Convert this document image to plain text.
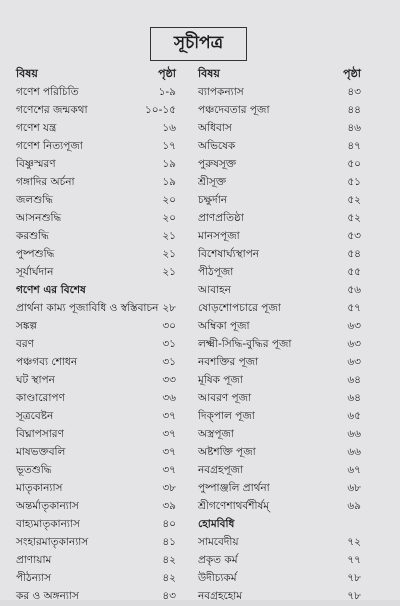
সূচীপত্র
বিষয়	পৃষ্ঠা
গণেশ পরিচিতি	১-৯
গণেশের জন্মকথা	১০-১৫
গণেশ যন্ত্র	১৬
গণেশ নিত্যপূজা	১৭
বিষ্ণুস্মরণ	১৯
গঙ্গাদির অর্চনা	১৯
জলশুদ্ধি	২০
আসনশুদ্ধি	২০
করশুদ্ধি	২১
পুষ্পশুদ্ধি	২১
সূর্যার্ঘদান	২১
গণেশ এর বিশেষ
প্রার্থনা কাম্য পূজাবিধি ও স্বস্তিবাচন ২৮
সঙ্কল্প	৩০
বরণ	৩১
পঞ্চগব্য শোধন	৩১
ঘট স্থাপন	৩৩
কাণ্ডারোপণ	৩৬
সূত্রবেষ্টন	৩৭
বিঘ্নাপসারণ	৩৭
মাষভক্তবলি	৩৭
ভূতশুদ্ধি	৩৭
মাতৃকান্যাস	৩৮
অন্তর্মাতৃকান্যাস	৩৯
বাহ্যমাতৃকান্যাস	৪০
সংহারমাতৃকান্যাস	৪১
প্রাণায়াম	৪২
পীঠন্যাস	৪২
কর ও অঙ্গন্যাস	৪৩
বিষয়	পৃষ্ঠা
ব্যাপকন্যাস	৪৩
পঞ্চদেবতার পূজা	৪৪
অধিবাস	৪৬
অভিষেক	৪৭
পুরুষসূক্ত	৫০
শ্রীসূক্ত	৫১
চক্ষুর্দান	৫২
প্রাণপ্রতিষ্ঠা	৫২
মানসপূজা	৫৩
বিশেষার্ঘ্যস্থাপন	৫৪
পীঠপূজা	৫৫
আবাহন	৫৬
ষোড়শোপচারে পূজা	৫৭
অম্বিকা পূজা	৬৩
লক্ষ্মী-সিদ্ধি-বুদ্ধির পূজা	৬৩
নবশক্তির পূজা	৬৩
মূষিক পূজা	৬৪
আবরণ পূজা	৬৪
দিক্পাল পূজা	৬৫
অস্ত্রপূজা	৬৬
অষ্টশক্তি পূজা	৬৬
নবগ্রহপূজা	৬৭
পুষ্পাঞ্জলি প্রার্থনা	৬৮
শ্রীগণেশাথর্বশীর্ষম্	৬৯
হোমবিধি
সামবেদীয়	৭২
প্রকৃত কর্ম	৭৭
উদীচ্যকর্ম	৭৮
নবগ্রহহোম	৭৮
